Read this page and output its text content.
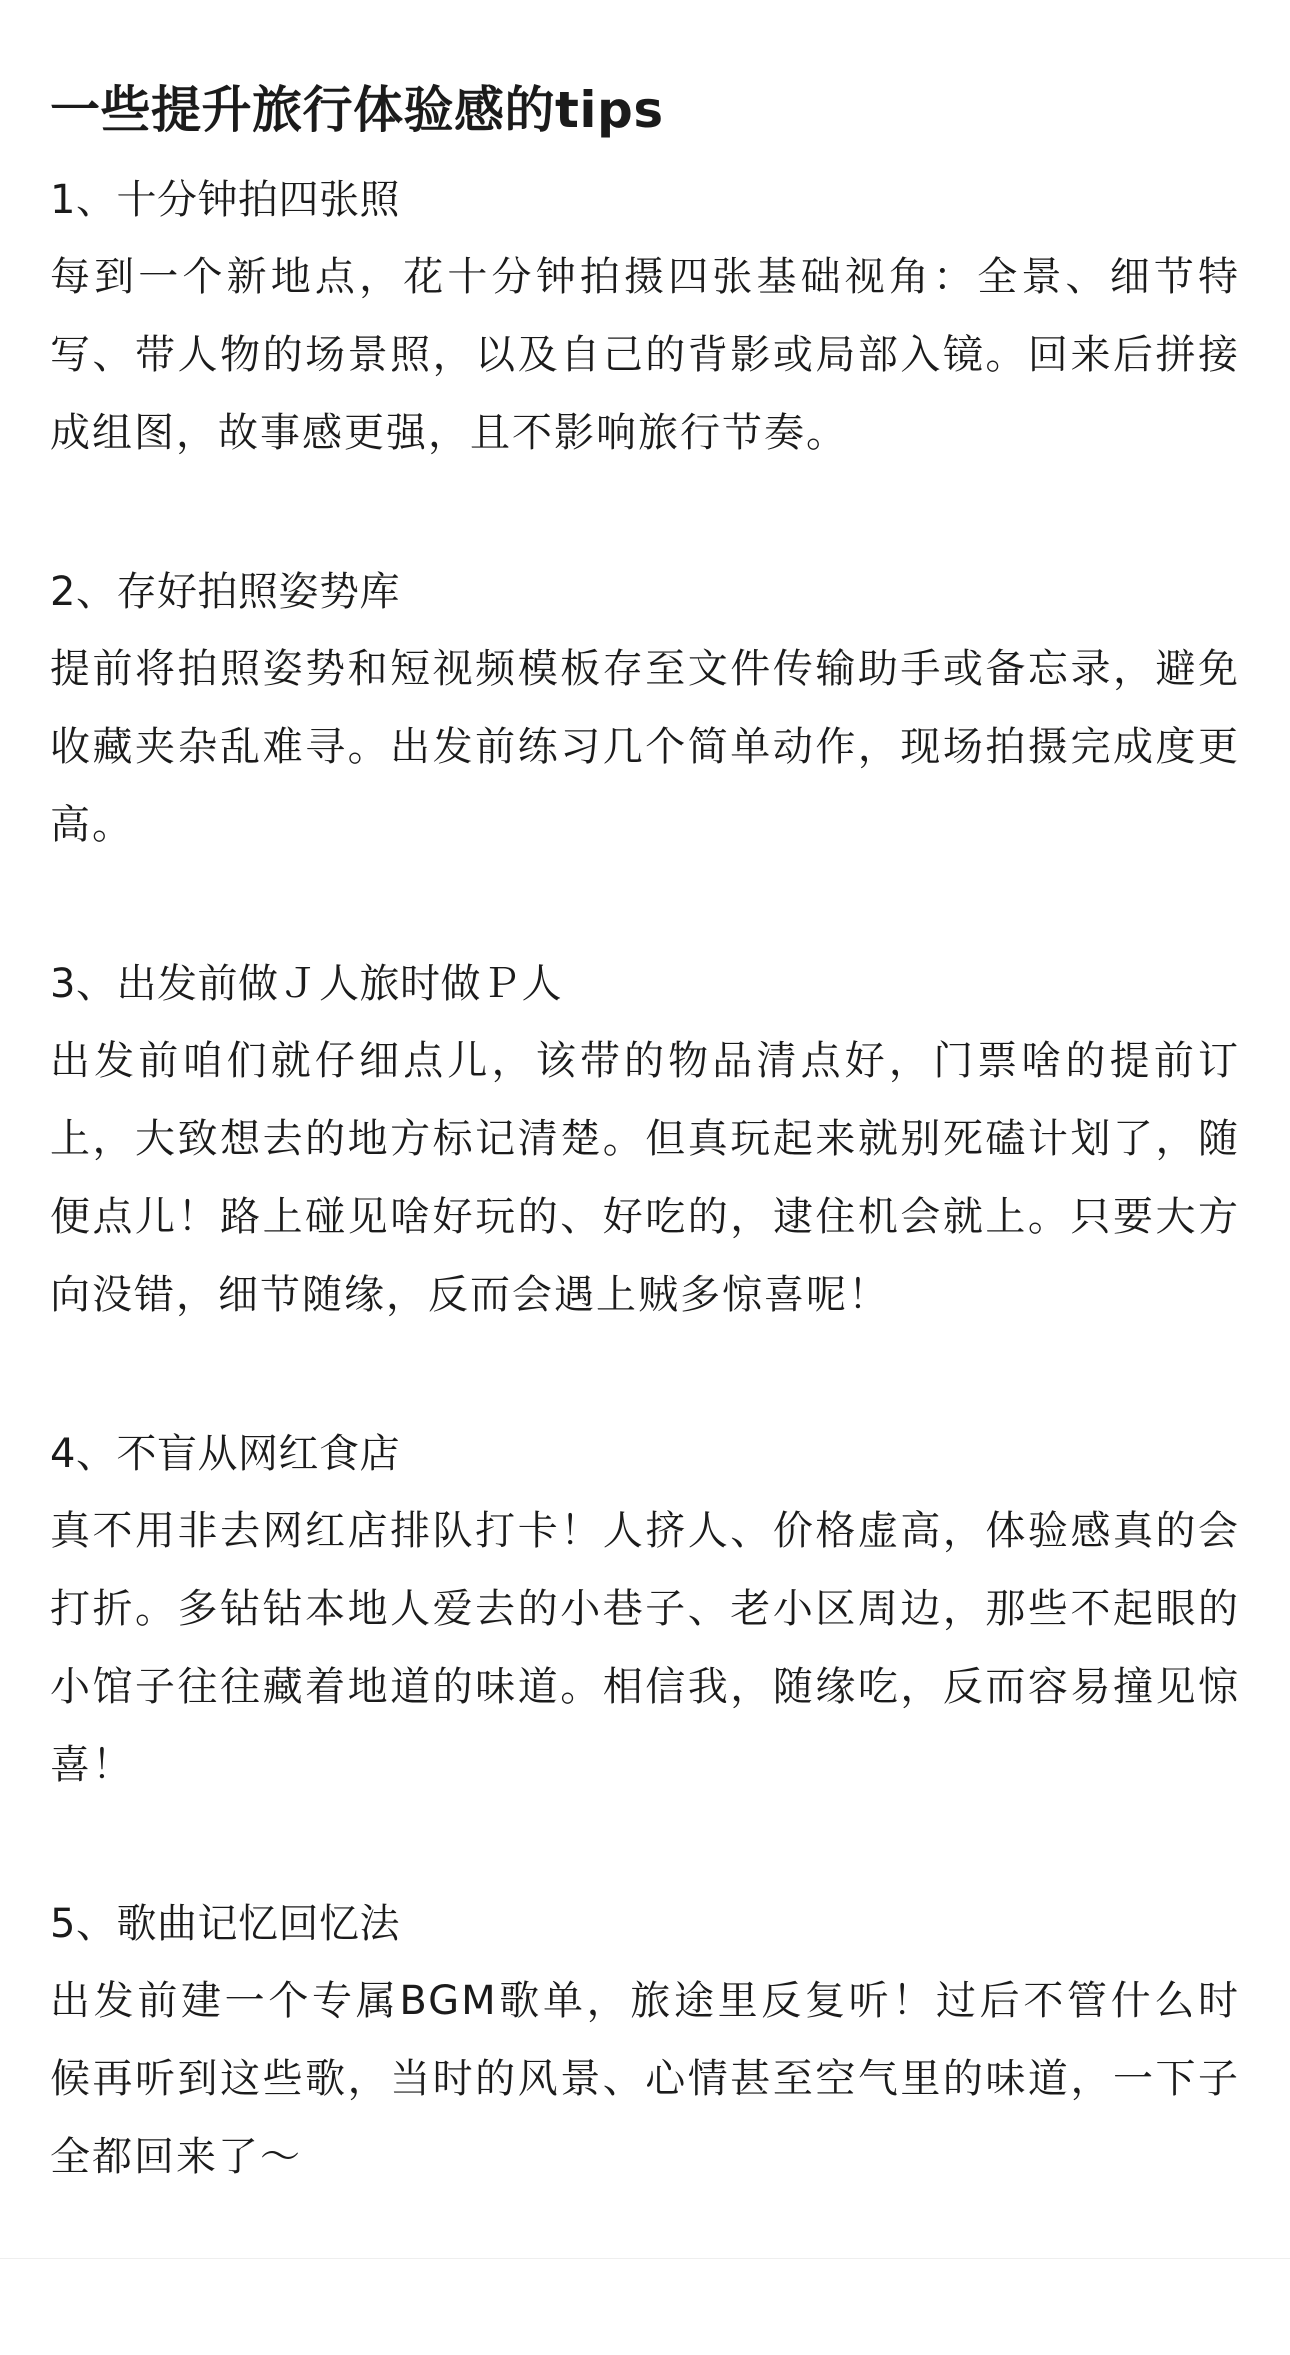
一些提升旅行体验感的tips

1、十分钟拍四张照

每到一个新地点，花十分钟拍摄四张基础视角：全景、细节特写、带人物的场景照，以及自己的背影或局部入镜。回来后拼接成组图，故事感更强，且不影响旅行节奏。

2、存好拍照姿势库

提前将拍照姿势和短视频模板存至文件传输助手或备忘录，避免收藏夹杂乱难寻。出发前练习几个简单动作，现场拍摄完成度更高。

3、出发前做Ｊ人旅时做Ｐ人

出发前咱们就仔细点儿，该带的物品清点好，门票啥的提前订上，大致想去的地方标记清楚。但真玩起来就别死磕计划了，随便点儿！路上碰见啥好玩的、好吃的，逮住机会就上。只要大方向没错，细节随缘，反而会遇上贼多惊喜呢！

4、不盲从网红食店

真不用非去网红店排队打卡！人挤人、价格虚高，体验感真的会打折。多钻钻本地人爱去的小巷子、老小区周边，那些不起眼的小馆子往往藏着地道的味道。相信我，随缘吃，反而容易撞见惊喜！

5、歌曲记忆回忆法

出发前建一个专属BGM歌单，旅途里反复听！过后不管什么时候再听到这些歌，当时的风景、心情甚至空气里的味道，一下子全都回来了～
